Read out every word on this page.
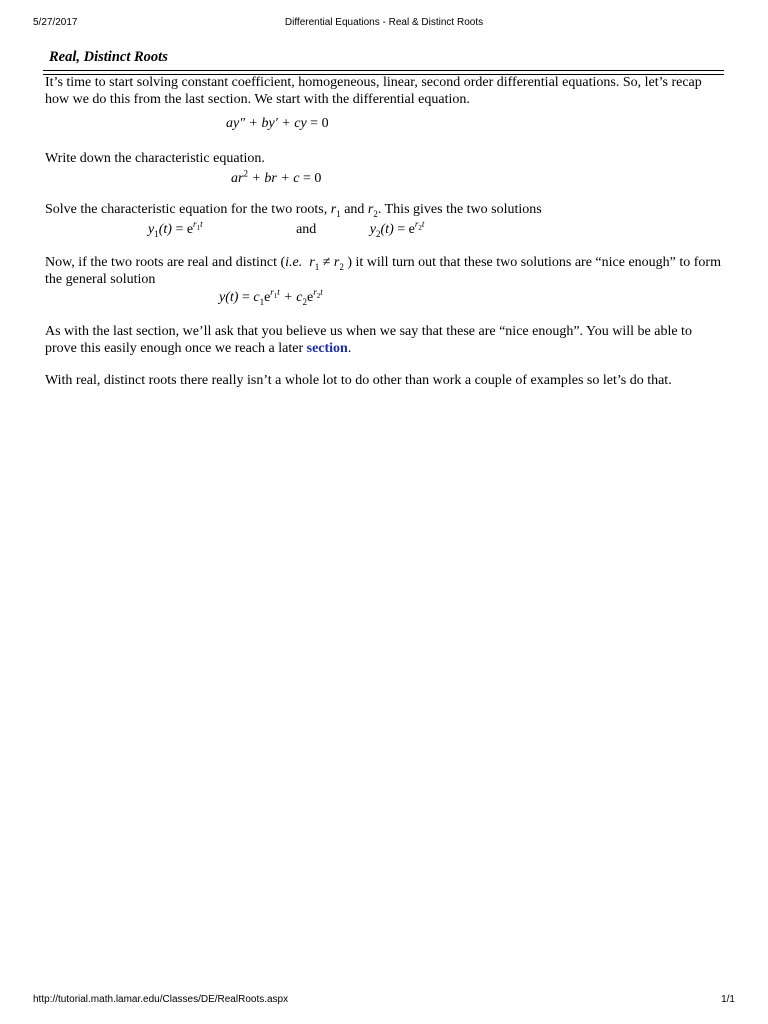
5/27/2017	Differential Equations - Real & Distinct Roots
Real, Distinct Roots

It’s time to start solving constant coefficient, homogeneous, linear, second order differential equations. So, let’s recap how we do this from the last section. We start with the differential equation.

ay″ + by′ + cy = 0

Write down the characteristic equation.

$ar^2$ + br + c = 0

Solve the characteristic equation for the two roots, $r_1$ and $r_2$. This gives the two solutions

$y_1(t) = e^{r_1t}$	and	$y_2(t) = e^{r_2t}$

Now, if the two roots are real and distinct (i.e. $r_1 \ne r_2$ ) it will turn out that these two solutions are “nice enough” to form the general solution

$y(t) = c_1e^{r_1t} + c_2e^{r_2t}$

As with the last section, we’ll ask that you believe us when we say that these are “nice enough”. You will be able to prove this easily enough once we reach a later section.

With real, distinct roots there really isn’t a whole lot to do other than work a couple of examples so let’s do that.

http://tutorial.math.lamar.edu/Classes/DE/RealRoots.aspx	1/1
